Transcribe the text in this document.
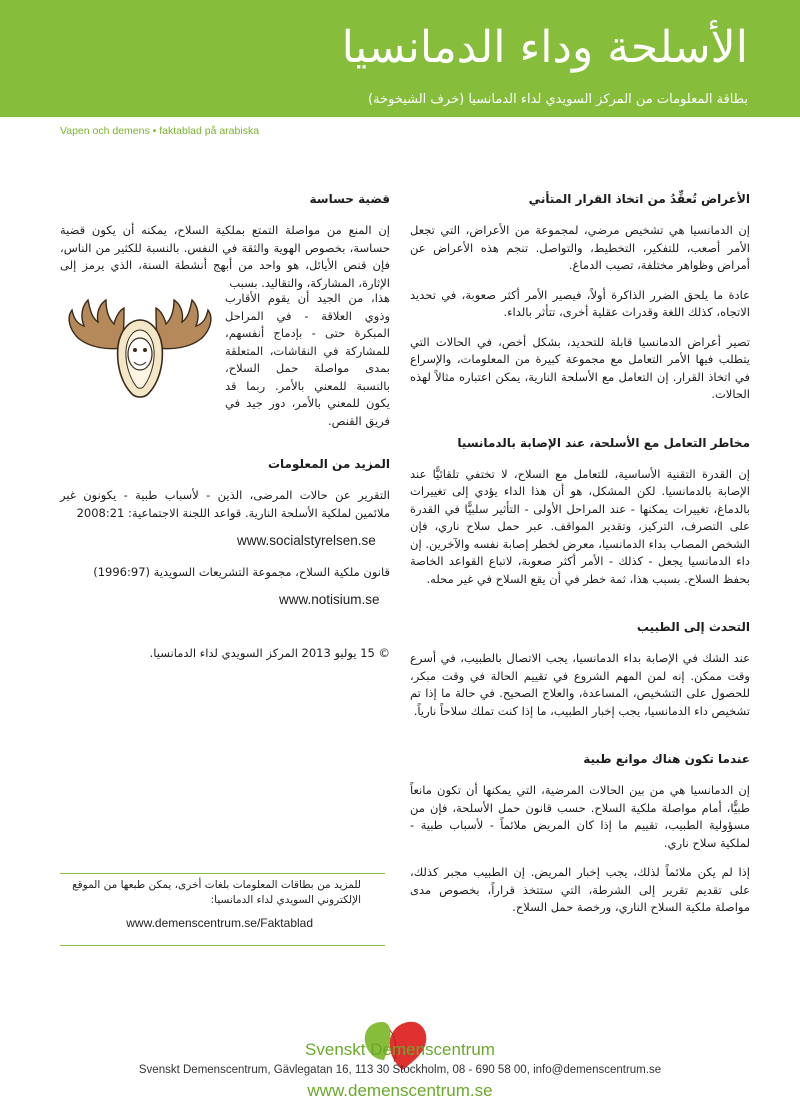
الأسلحة وداء الدمانسيا
بطاقة المعلومات من المركز السويدي لداء الدمانسيا (خرف الشيخوخة)
Vapen och demens • faktablad på arabiska
الأعراض تُعقِّدُ من اتخاذ القرار المتأني

إن الدمانسيا هي تشخيص مرضي، لمجموعة من الأعراض، التي تجعل الأمر أصعب، للتفكير، التخطيط، والتواصل. تنجم هذه الأعراض عن أمراض وظواهر مختلفة، تصيب الدماغ.

عادة ما يلحق الضرر الذاكرة أولاً، فيصير الأمر أكثر صعوبة، في تحديد الاتجاه، كذلك اللغة وقدرات عقلية أخرى، تتأثر بالداء.

تصير أعراض الدمانسيا قابلة للتحديد، بشكل أخص، في الحالات التي يتطلب فيها الأمر التعامل مع مجموعة كبيرة من المعلومات، والإسراع في اتخاذ القرار. إن التعامل مع الأسلحة النارية، يمكن اعتباره مثالاً لهذه الحالات.

مخاطر التعامل مع الأسلحة، عند الإصابة بالدمانسيا

إن القدرة التقنية الأساسية، للتعامل مع السلاح، لا تختفي تلقائيًّا عند الإصابة بالدمانسيا. لكن المشكل، هو أن هذا الداء يؤدي إلى تغييرات بالدماغ، تغييرات يمكنها - عند المراحل الأولى - التأثير سلبيًّا في القدرة على التصرف، التركيز، وتقدير المواقف. عبر حمل سلاح ناري، فإن الشخص المصاب بداء الدمانسيا، معرض لخطر إصابة نفسه والآخرين. إن داء الدمانسيا يجعل - كذلك - الأمر أكثر صعوبة، لاتباع القواعد الخاصة بحفظ السلاح. بسبب هذا، ثمة خطر في أن يقع السلاح في غير محله.

التحدث إلى الطبيب

عند الشك في الإصابة بداء الدمانسيا، يجب الاتصال بالطبيب، في أسرع وقت ممكن. إنه لمن المهم الشروع في تقييم الحالة في وقت مبكر، للحصول على التشخيص، المساعدة، والعلاج الصحيح. في حالة ما إذا تم تشخيص داء الدمانسيا، يجب إخبار الطبيب، ما إذا كنت تملك سلاحاً نارياً.

عندما تكون هناك موانع طبية

إن الدمانسيا هي من بين الحالات المرضية، التي يمكنها أن تكون مانعاً طبيًّا، أمام مواصلة ملكية السلاح. حسب قانون حمل الأسلحة، فإن من مسؤولية الطبيب، تقييم ما إذا كان المريض ملائماً - لأسباب طبية - لملكية سلاح ناري.

إذا لم يكن ملائماً لذلك، يجب إخبار المريض. إن الطبيب مجبر كذلك، على تقديم تقرير إلى الشرطة، التي ستتخذ قراراً، بخصوص مدى مواصلة ملكية السلاح الناري، ورخصة حمل السلاح.

قضية حساسة

إن المنع من مواصلة التمتع بملكية السلاح، يمكنه أن يكون قضية حساسة، بخصوص الهوية والثقة في النفس. بالنسبة للكثير من الناس، فإن قنص الأيائل، هو واحد من أبهج أنشطة السنة، الذي يرمز إلى الإثارة، المشاركة، والتقاليد. بسبب

هذا، من الجيد أن يقوم الأقارب وذوي العلاقة - في المراحل المبكرة حتى - بإدماج أنفسهم، للمشاركة في النقاشات، المتعلقة بمدى مواصلة حمل السلاح، بالنسبة للمعني بالأمر. ربما قد يكون للمعني بالأمر، دور جيد في فريق القنص.
المزيد من المعلومات

التقرير عن حالات المرضى، الذين - لأسباب طبية - يكونون غير ملائمين لملكية الأسلحة النارية. قواعد اللجنة الاجتماعية: 2008:21

www.socialstyrelsen.se

قانون ملكية السلاح، مجموعة التشريعات السويدية (1996:97)

www.notisium.se

© 15 يوليو 2013 المركز السويدي لداء الدمانسيا.

للمزيد من بطاقات المعلومات بلغات أخرى، يمكن طبعها من الموقع الإلكتروني السويدي لداء الدمانسيا:
www.demenscentrum.se/Faktablad
Svenskt Demenscentrum
Svenskt Demenscentrum, Gävlegatan 16, 113 30 Stockholm, 08 - 690 58 00, info@demenscentrum.se
www.demenscentrum.se
